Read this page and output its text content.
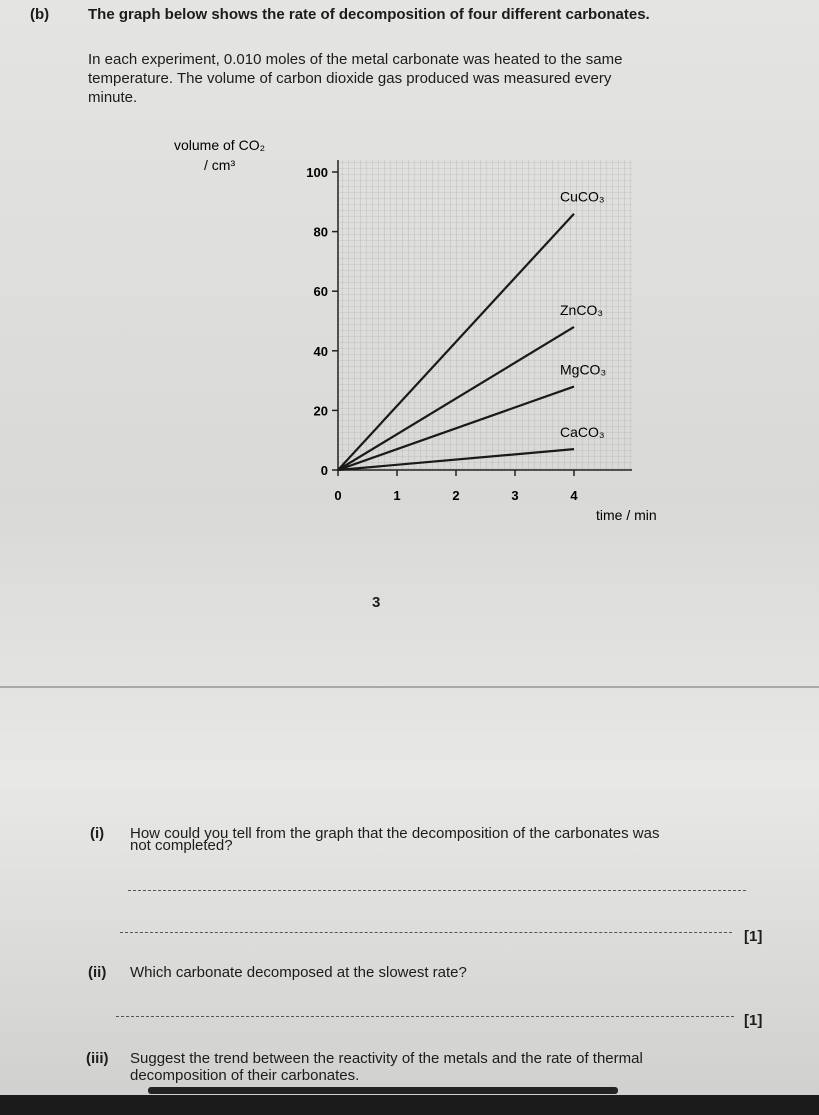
(b)	The graph below shows the rate of decomposition of four different carbonates.
In each experiment, 0.010 moles of the metal carbonate was heated to the same
temperature. The volume of carbon dioxide gas produced was measured every
minute.
volume of CO₂
/ cm³
time / min
0
20
40
60
80
100
0	1	2	3	4
CuCO₃
ZnCO₃
MgCO₃
CaCO₃
3
(i) How could you tell from the graph that the decomposition of the carbonates was
not completed?
[1]
(ii) Which carbonate decomposed at the slowest rate?
[1]
(iii) Suggest the trend between the reactivity of the metals and the rate of thermal
decomposition of their carbonates.
